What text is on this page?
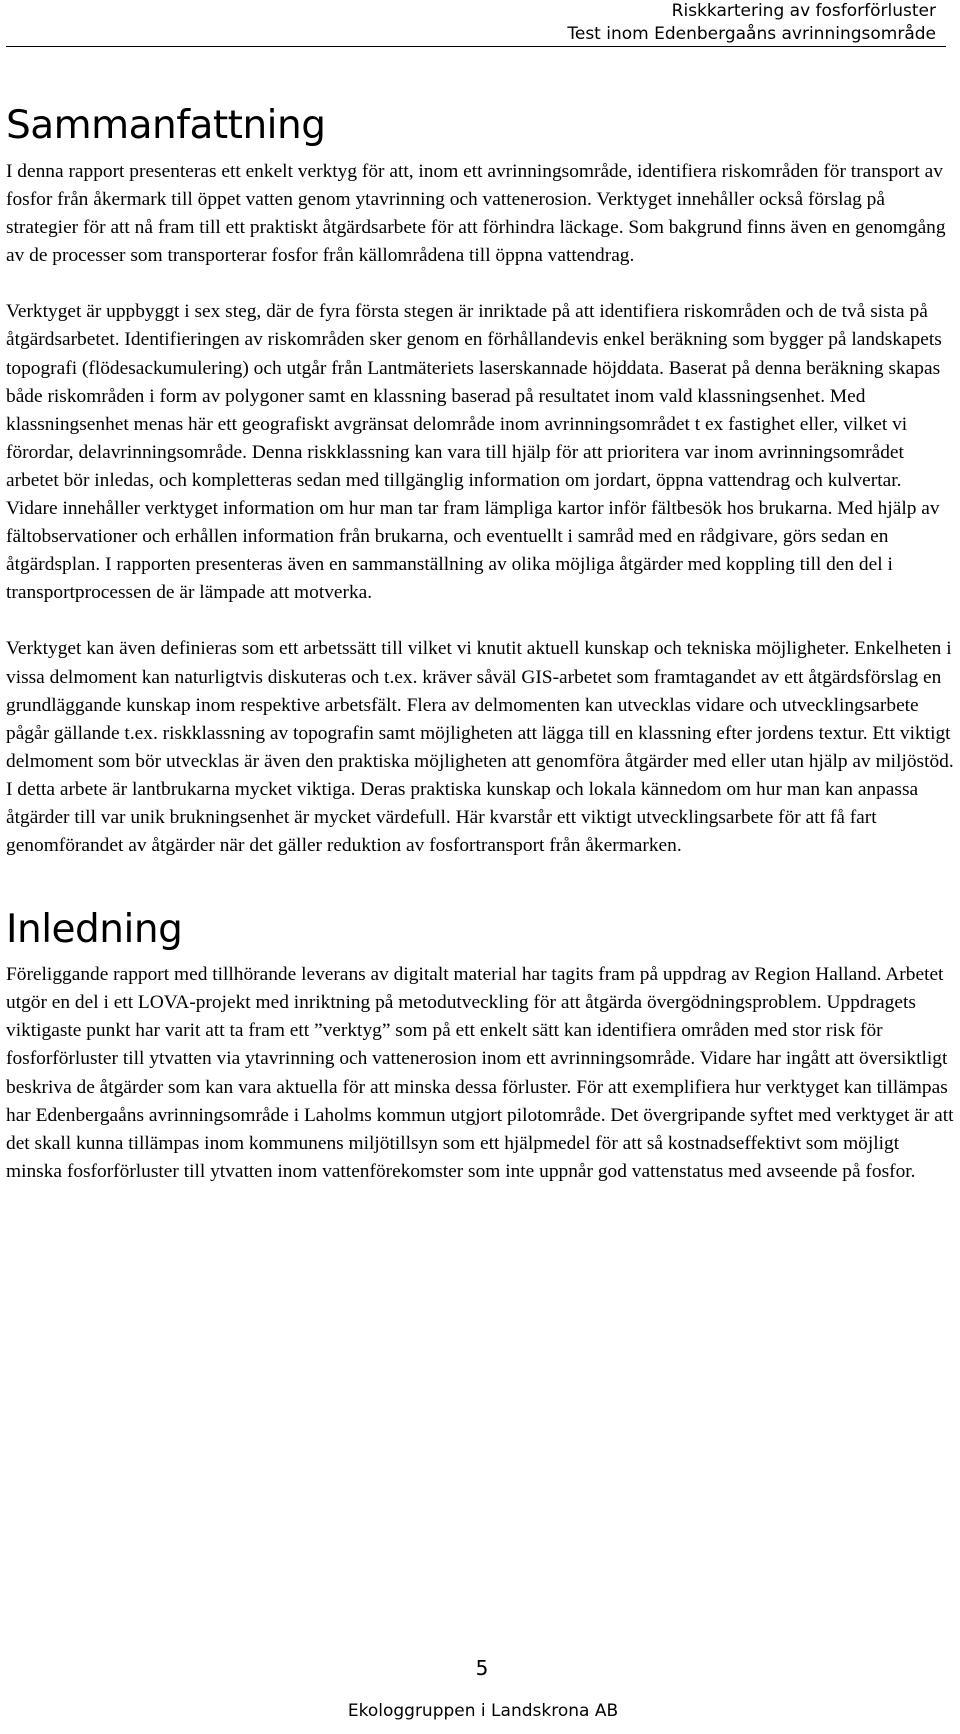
Riskkartering av fosforförluster
Test inom Edenbergaåns avrinningsområde
Sammanfattning

I denna rapport presenteras ett enkelt verktyg för att, inom ett avrinningsområde, identifiera riskområden för transport av fosfor från åkermark till öppet vatten genom ytavrinning och vattenerosion. Verktyget innehåller också förslag på strategier för att nå fram till ett praktiskt åtgärdsarbete för att förhindra läckage. Som bakgrund finns även en genomgång av de processer som transporterar fosfor från källområdena till öppna vattendrag.

Verktyget är uppbyggt i sex steg, där de fyra första stegen är inriktade på att identifiera riskområden och de två sista på åtgärdsarbetet. Identifieringen av riskområden sker genom en förhållandevis enkel beräkning som bygger på landskapets topografi (flödesackumulering) och utgår från Lantmäteriets laserskannade höjddata. Baserat på denna beräkning skapas både riskområden i form av polygoner samt en klassning baserad på resultatet inom vald klassningsenhet. Med klassningsenhet menas här ett geografiskt avgränsat delområde inom avrinningsområdet t ex fastighet eller, vilket vi förordar, delavrinningsområde. Denna riskklassning kan vara till hjälp för att prioritera var inom avrinningsområdet arbetet bör inledas, och kompletteras sedan med tillgänglig information om jordart, öppna vattendrag och kulvertar. Vidare innehåller verktyget information om hur man tar fram lämpliga kartor inför fältbesök hos brukarna. Med hjälp av fältobservationer och erhållen information från brukarna, och eventuellt i samråd med en rådgivare, görs sedan en åtgärdsplan. I rapporten presenteras även en sammanställning av olika möjliga åtgärder med koppling till den del i transportprocessen de är lämpade att motverka.

Verktyget kan även definieras som ett arbetssätt till vilket vi knutit aktuell kunskap och tekniska möjligheter. Enkelheten i vissa delmoment kan naturligtvis diskuteras och t.ex. kräver såväl GIS-arbetet som framtagandet av ett åtgärdsförslag en grundläggande kunskap inom respektive arbetsfält. Flera av delmomenten kan utvecklas vidare och utvecklingsarbete pågår gällande t.ex. riskklassning av topografin samt möjligheten att lägga till en klassning efter jordens textur. Ett viktigt delmoment som bör utvecklas är även den praktiska möjligheten att genomföra åtgärder med eller utan hjälp av miljöstöd. I detta arbete är lantbrukarna mycket viktiga. Deras praktiska kunskap och lokala kännedom om hur man kan anpassa åtgärder till var unik brukningsenhet är mycket värdefull. Här kvarstår ett viktigt utvecklingsarbete för att få fart genomförandet av åtgärder när det gäller reduktion av fosfortransport från åkermarken.

Inledning

Föreliggande rapport med tillhörande leverans av digitalt material har tagits fram på uppdrag av Region Halland. Arbetet utgör en del i ett LOVA-projekt med inriktning på metodutveckling för att åtgärda övergödningsproblem. Uppdragets viktigaste punkt har varit att ta fram ett ”verktyg” som på ett enkelt sätt kan identifiera områden med stor risk för fosforförluster till ytvatten via ytavrinning och vattenerosion inom ett avrinningsområde. Vidare har ingått att översiktligt beskriva de åtgärder som kan vara aktuella för att minska dessa förluster. För att exemplifiera hur verktyget kan tillämpas har Edenbergaåns avrinningsområde i Laholms kommun utgjort pilotområde. Det övergripande syftet med verktyget är att det skall kunna tillämpas inom kommunens miljötillsyn som ett hjälpmedel för att så kostnadseffektivt som möjligt minska fosforförluster till ytvatten inom vattenförekomster som inte uppnår god vattenstatus med avseende på fosfor.

5
Ekologgruppen i Landskrona AB
